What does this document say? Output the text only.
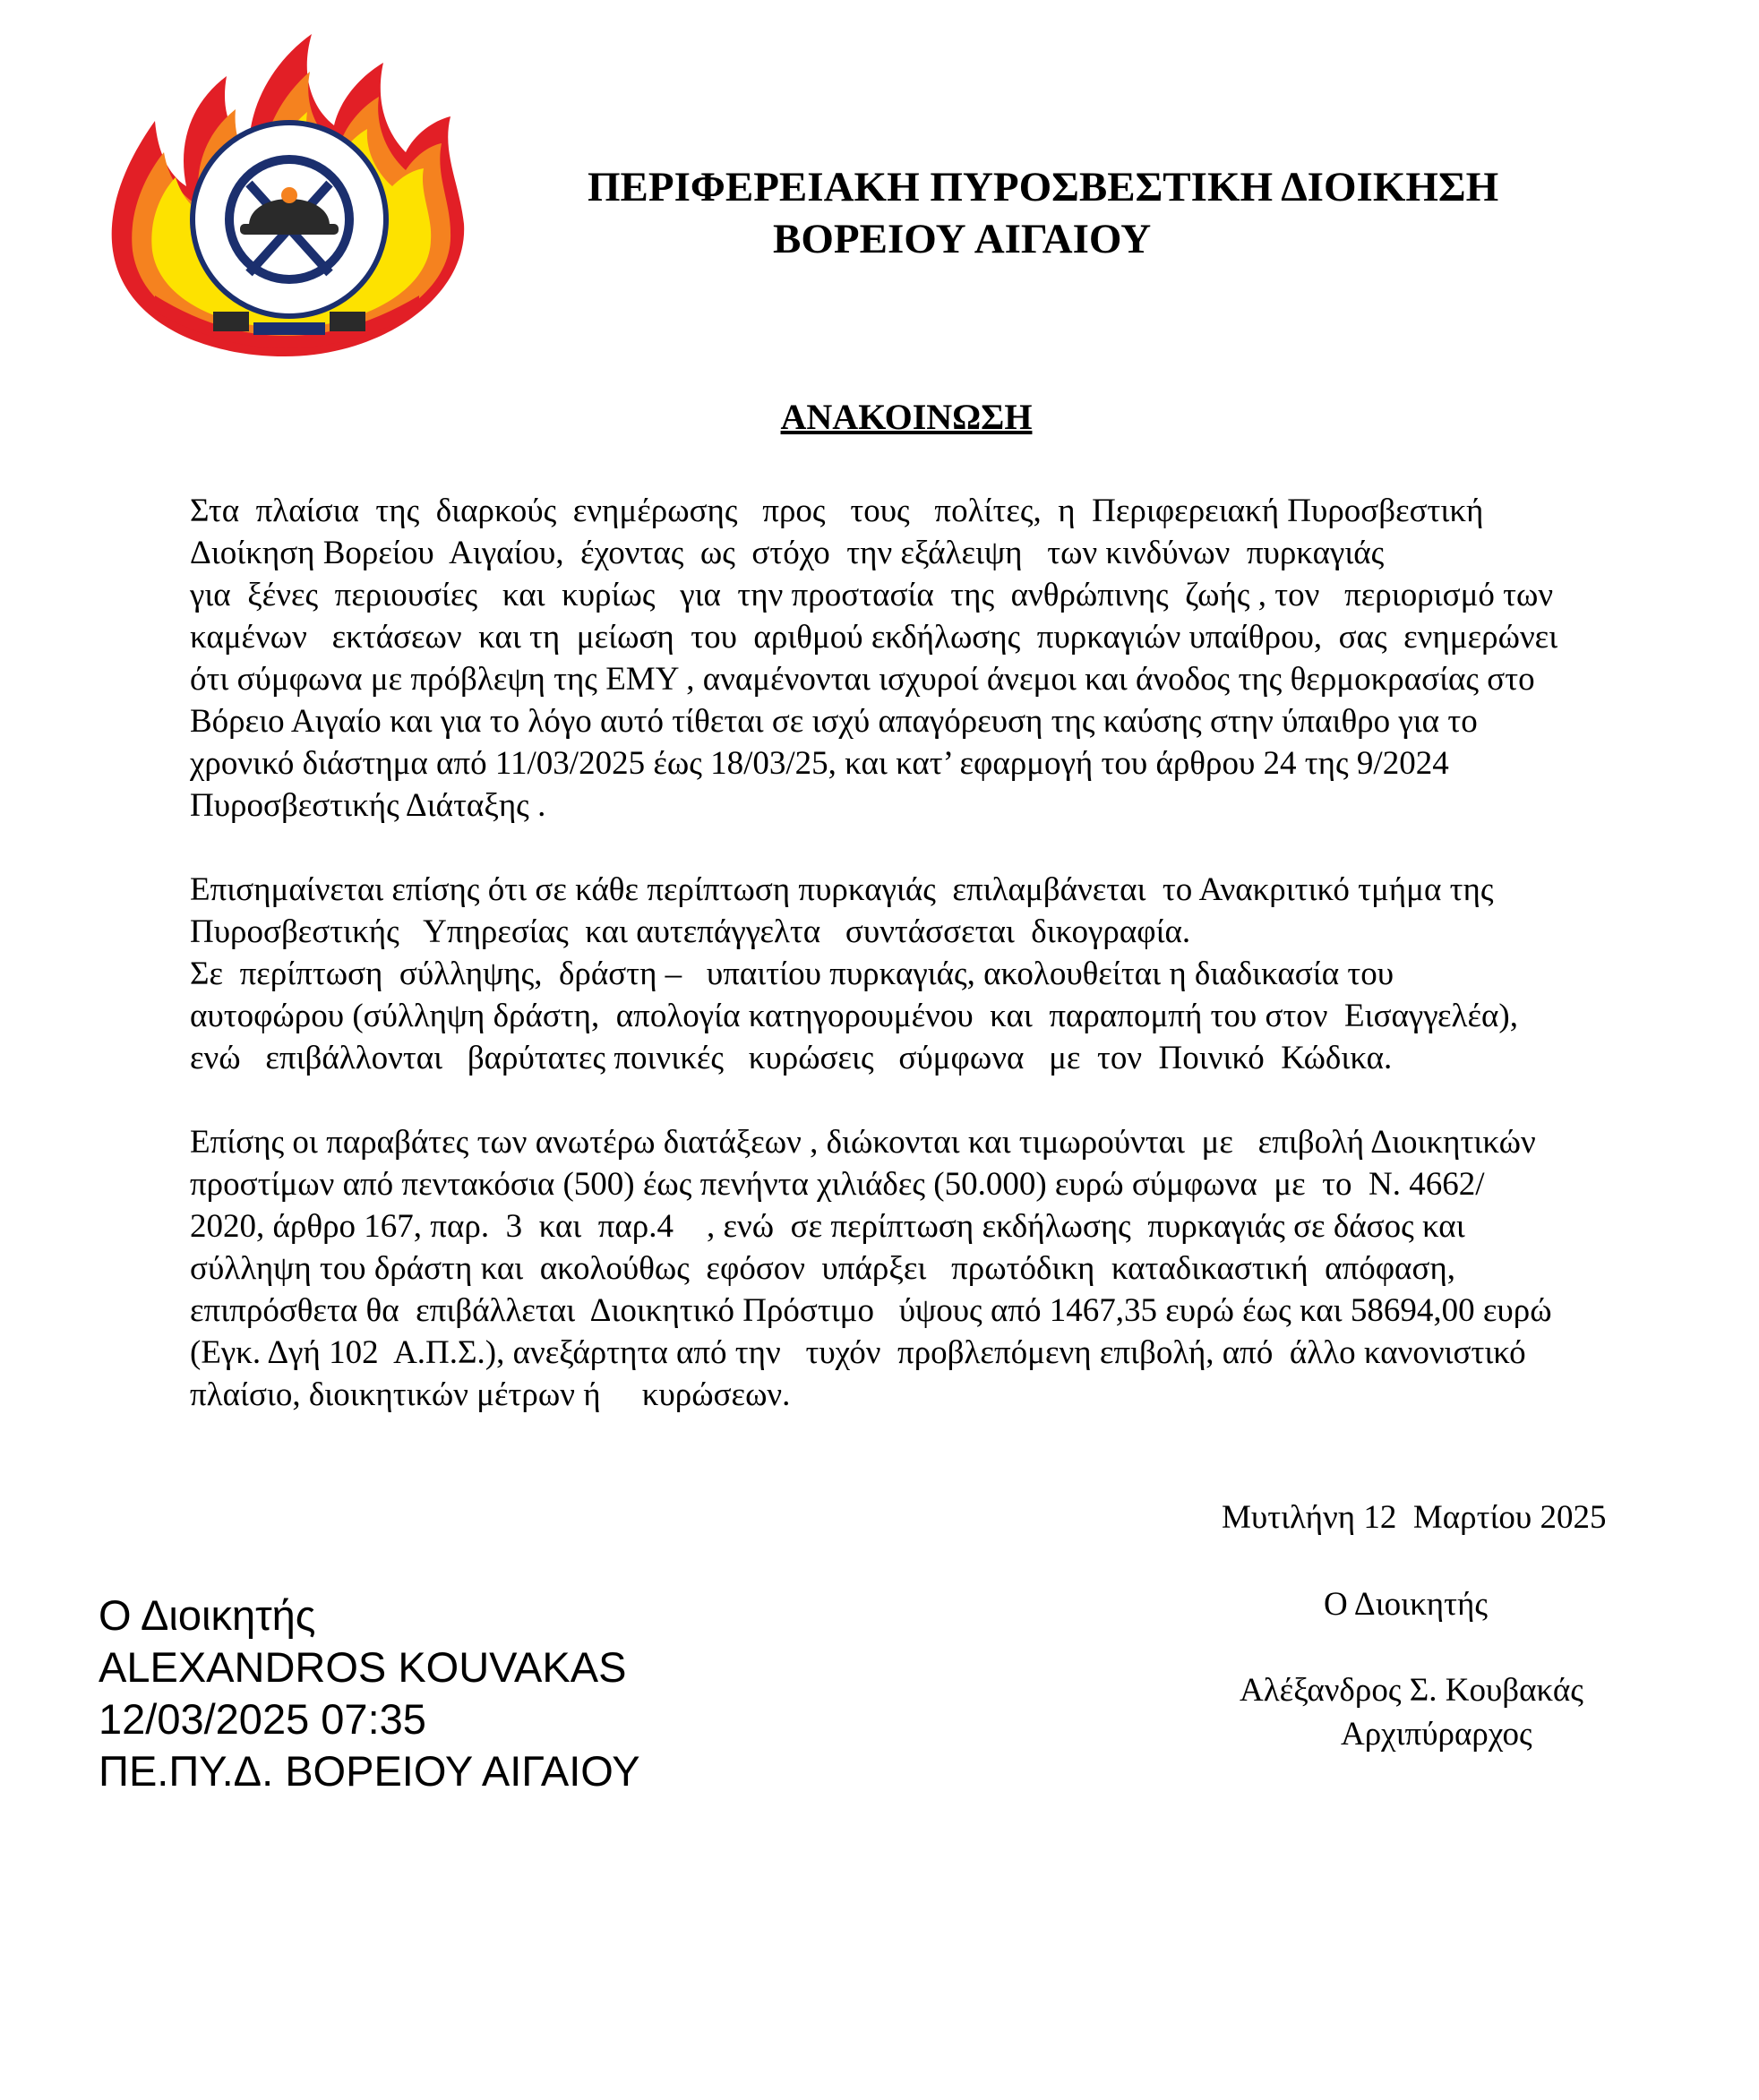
ΠΕΡΙΦΕΡΕΙΑΚΗ ΠΥΡΟΣΒΕΣΤΙΚΗ ΔΙΟΙΚΗΣΗ
ΒΟΡΕΙΟΥ ΑΙΓΑΙΟΥ
ΑΝΑΚΟΙΝΩΣΗ
Στα  πλαίσια  της  διαρκούς  ενημέρωσης   προς   τους   πολίτες,  η  Περιφερειακή Πυροσβεστική
Διοίκηση Βορείου  Αιγαίου,  έχοντας  ως  στόχο  την εξάλειψη   των κινδύνων  πυρκαγιάς
για  ξένες  περιουσίες   και  κυρίως   για  την προστασία  της  ανθρώπινης  ζωής , τον   περιορισμό των
καμένων   εκτάσεων  και τη  μείωση  του  αριθμού εκδήλωσης  πυρκαγιών υπαίθρου,  σας  ενημερώνει
ότι σύμφωνα με πρόβλεψη της ΕΜΥ , αναμένονται ισχυροί άνεμοι και άνοδος της θερμοκρασίας στο
Βόρειο Αιγαίο και για το λόγο αυτό τίθεται σε ισχύ απαγόρευση της καύσης στην ύπαιθρο για το
χρονικό διάστημα από 11/03/2025 έως 18/03/25, και κατ’ εφαρμογή του άρθρου 24 της 9/2024
Πυροσβεστικής Διάταξης .
Επισημαίνεται επίσης ότι σε κάθε περίπτωση πυρκαγιάς  επιλαμβάνεται  το Ανακριτικό τμήμα της
Πυροσβεστικής   Υπηρεσίας  και αυτεπάγγελτα   συντάσσεται  δικογραφία.
Σε  περίπτωση  σύλληψης,  δράστη –   υπαιτίου πυρκαγιάς, ακολουθείται η διαδικασία του
αυτοφώρου (σύλληψη δράστη,  απολογία κατηγορουμένου  και  παραπομπή του στον  Εισαγγελέα),
ενώ   επιβάλλονται   βαρύτατες ποινικές   κυρώσεις   σύμφωνα   με  τον  Ποινικό  Κώδικα.
Επίσης οι παραβάτες των ανωτέρω διατάξεων , διώκονται και τιμωρούνται  με   επιβολή Διοικητικών
προστίμων από πεντακόσια (500) έως πενήντα χιλιάδες (50.000) ευρώ σύμφωνα  με  το  Ν. 4662/
2020, άρθρο 167, παρ.  3  και  παρ.4    , ενώ  σε περίπτωση εκδήλωσης  πυρκαγιάς σε δάσος και
σύλληψη του δράστη και  ακολούθως  εφόσον  υπάρξει   πρωτόδικη  καταδικαστική  απόφαση,
επιπρόσθετα θα  επιβάλλεται  Διοικητικό Πρόστιμο   ύψους από 1467,35 ευρώ έως και 58694,00 ευρώ
(Εγκ. Δγή 102  Α.Π.Σ.), ανεξάρτητα από την   τυχόν  προβλεπόμενη επιβολή, από  άλλο κανονιστικό
πλαίσιο, διοικητικών μέτρων ή     κυρώσεων.
Μυτιλήνη 12  Μαρτίου 2025
Ο Διοικητής
Αλέξανδρος Σ. Κουβακάς
Αρχιπύραρχος
Ο Διοικητής
ALEXANDROS KOUVAKAS
12/03/2025 07:35
ΠΕ.ΠΥ.Δ. ΒΟΡΕΙΟΥ ΑΙΓΑΙΟΥ
